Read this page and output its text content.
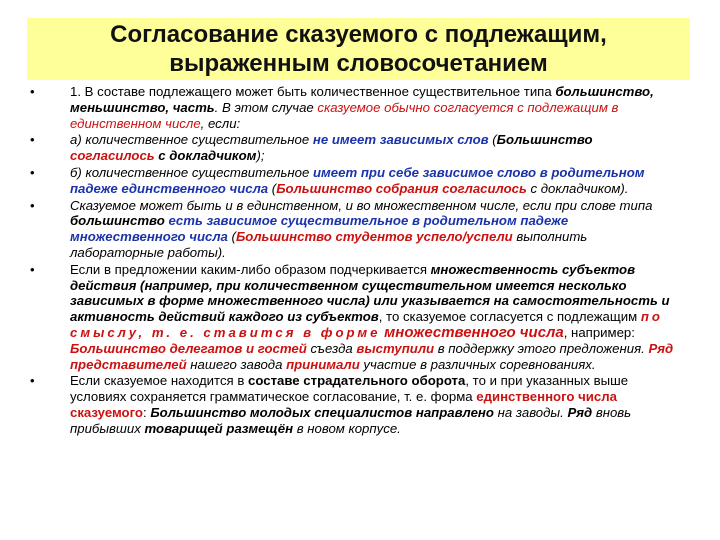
Согласование сказуемого с подлежащим,
выраженным словосочетанием

•	1. В составе подлежащего может быть количественное существительное типа большинство, меньшинство, часть. В этом случае сказуемое обычно согласуется с подлежащим в единственном числе, если:
•	а) количественное существительное не имеет зависимых слов (Большинство согласилось с докладчиком);
•	б) количественное существительное имеет при себе зависимое слово в родительном падеже единственного числа (Большинство собрания согласилось с докладчиком).
•	Сказуемое может быть и в единственном, и во множественном числе, если при слове типа большинство есть зависимое существительное в родительном падеже множественного числа (Большинство студентов успело/успели выполнить лабораторные работы).
•	Если в предложении каким-либо образом подчеркивается множественность субъектов действия (например, при количественном существительном имеется несколько зависимых в форме множественного числа) или указывается на самостоятельность и активность действий каждого из субъектов, то сказуемое согласуется с подлежащим по смыслу, т. е. ставится в форме множественного числа, например: Большинство делегатов и гостей съезда выступили в поддержку этого предложения. Ряд представителей нашего завода принимали участие в различных соревнованиях.
•	Если сказуемое находится в составе страдательного оборота, то и при указанных выше условиях сохраняется грамматическое согласование, т. е. форма единственного числа сказуемого: Большинство молодых специалистов направлено на заводы. Ряд вновь прибывших товарищей размещён в новом корпусе.
